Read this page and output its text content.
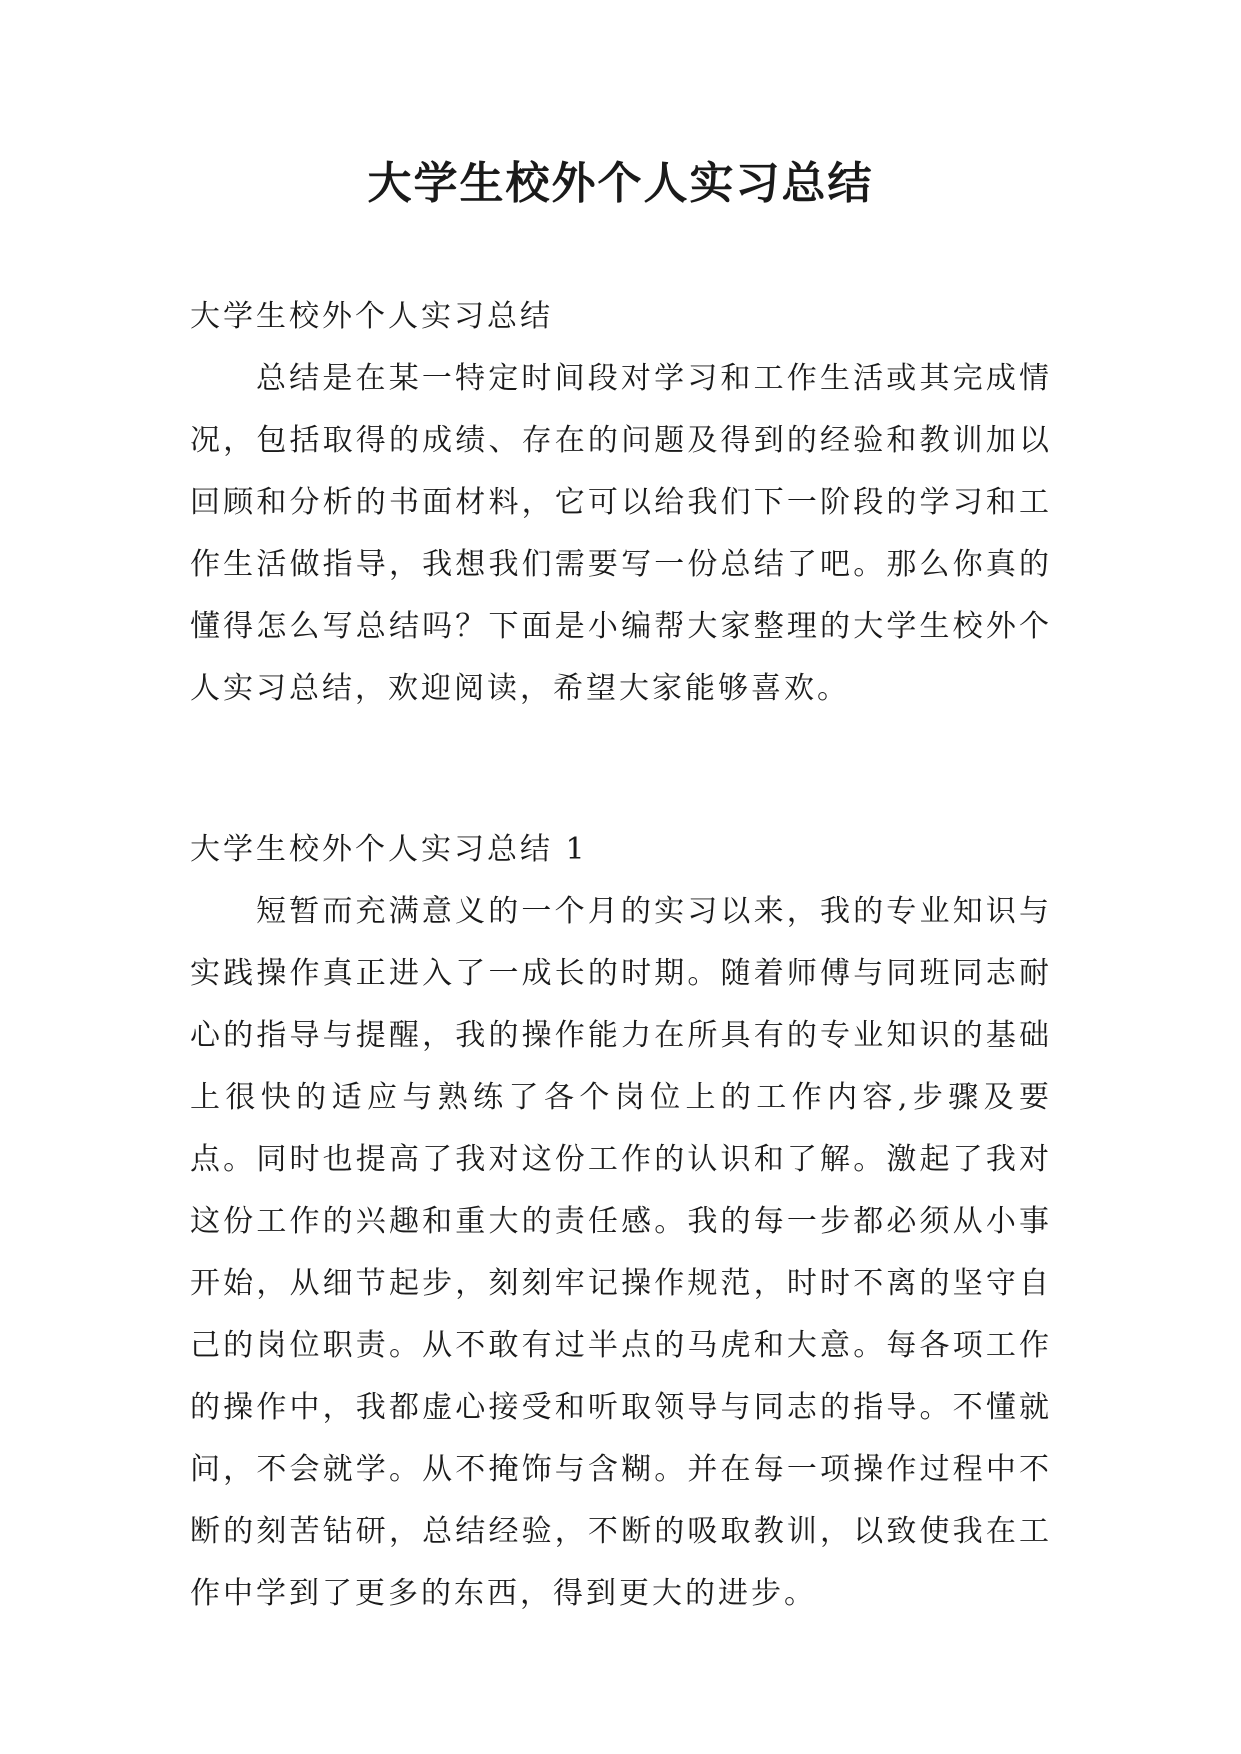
大学生校外个人实习总结
大学生校外个人实习总结

总结是在某一特定时间段对学习和工作生活或其完成情况，包括取得的成绩、存在的问题及得到的经验和教训加以回顾和分析的书面材料，它可以给我们下一阶段的学习和工作生活做指导，我想我们需要写一份总结了吧。那么你真的懂得怎么写总结吗？下面是小编帮大家整理的大学生校外个人实习总结，欢迎阅读，希望大家能够喜欢。

大学生校外个人实习总结 1

短暂而充满意义的一个月的实习以来，我的专业知识与实践操作真正进入了一成长的时期。随着师傅与同班同志耐心的指导与提醒，我的操作能力在所具有的专业知识的基础上很快的适应与熟练了各个岗位上的工作内容,步骤及要点。同时也提高了我对这份工作的认识和了解。激起了我对这份工作的兴趣和重大的责任感。我的每一步都必须从小事开始，从细节起步，刻刻牢记操作规范，时时不离的坚守自己的岗位职责。从不敢有过半点的马虎和大意。每各项工作的操作中，我都虚心接受和听取领导与同志的指导。不懂就问，不会就学。从不掩饰与含糊。并在每一项操作过程中不断的刻苦钻研，总结经验，不断的吸取教训，以致使我在工作中学到了更多的东西，得到更大的进步。
